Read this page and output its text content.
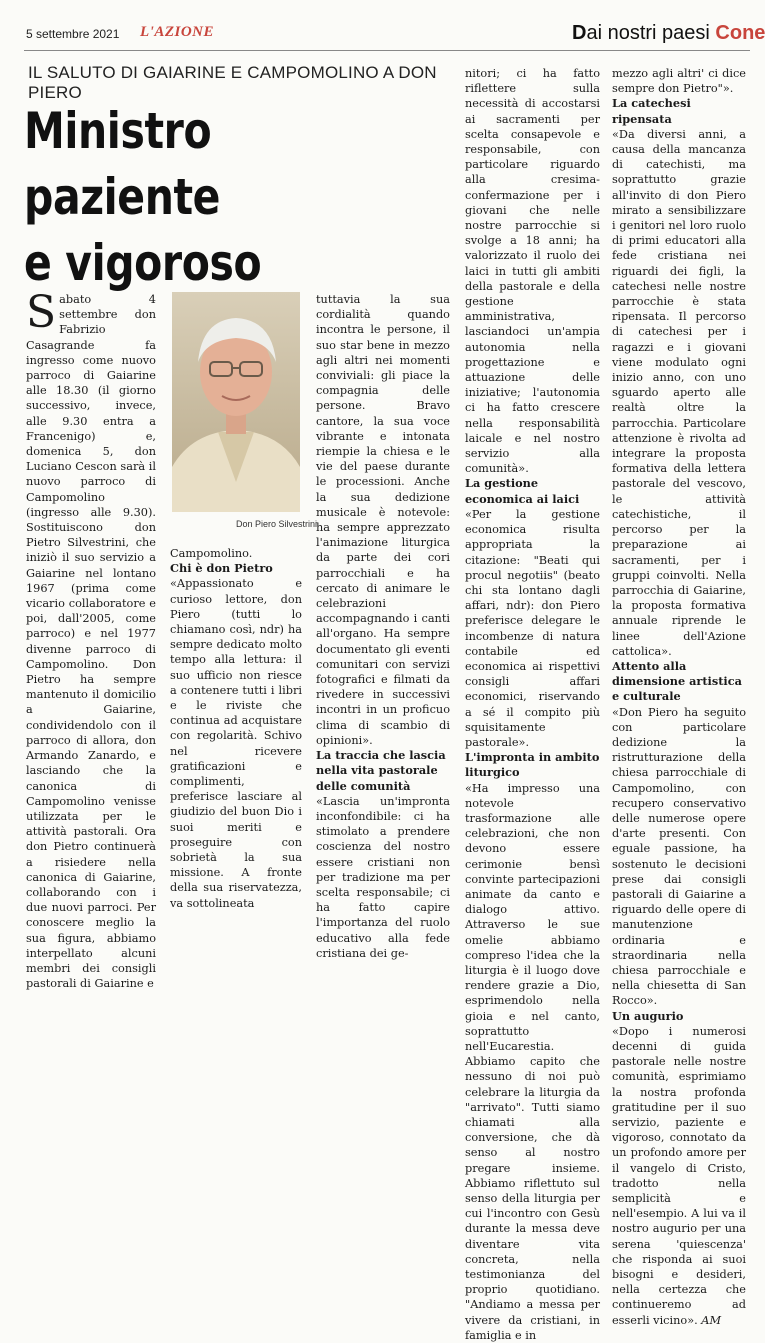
5 settembre 2021 L'AZIONE	Dai nostri paesi Cone
IL SALUTO DI GAIARINE E CAMPOMOLINO A DON PIERO
Ministro paziente
e vigoroso
Sabato 4 settembre don Fabrizio Casagrande fa ingresso come nuovo parroco di Gaiarine alle 18.30 (il giorno successivo, invece, alle 9.30 entra a Francenigo) e, domenica 5, don Luciano Cescon sarà il nuovo parroco di Campomolino (ingresso alle 9.30). Sostituiscono don Pietro Silvestrini, che iniziò il suo servizio a Gaiarine nel lontano 1967 (prima come vicario collaboratore e poi, dall'2005, come parroco) e nel 1977 divenne parroco di Campomolino. Don Pietro ha sempre mantenuto il domicilio a Gaiarine, condividendolo con il parroco di allora, don Armando Zanardo, e lasciando che la canonica di Campomolino venisse utilizzata per le attività pastorali. Ora don Pietro continuerà a risiedere nella canonica di Gaiarine, collaborando con i due nuovi parroci. Per conoscere meglio la sua figura, abbiamo interpellato alcuni membri dei consigli pastorali di Gaiarine e
Don Piero Silvestrini

Campomolino.

Chi è don Pietro

«Appassionato e curioso lettore, don Piero (tutti lo chiamano così, ndr) ha sempre dedicato molto tempo alla lettura: il suo ufficio non riesce a contenere tutti i libri e le riviste che continua ad acquistare con regolarità. Schivo nel ricevere gratificazioni e complimenti, preferisce lasciare al giudizio del buon Dio i suoi meriti e proseguire con sobrietà la sua missione. A fronte della sua riservatezza, va sottolineata

tuttavia la sua cordialità quando incontra le persone, il suo star bene in mezzo agli altri nei momenti conviviali: gli piace la compagnia delle persone. Bravo cantore, la sua voce vibrante e intonata riempie la chiesa e le vie del paese durante le processioni. Anche la sua dedizione musicale è notevole: ha sempre apprezzato l'animazione liturgica da parte dei cori parrocchiali e ha cercato di animare le celebrazioni accompagnando i canti all'organo. Ha sempre documentato gli eventi comunitari con servizi fotografici e filmati da rivedere in successivi incontri in un proficuo clima di scambio di opinioni».

La traccia che lascia nella vita pastorale delle comunità

«Lascia un'impronta inconfondibile: ci ha stimolato a prendere coscienza del nostro essere cristiani non per tradizione ma per scelta responsabile; ci ha fatto capire l'importanza del ruolo educativo alla fede cristiana dei ge-

nitori; ci ha fatto riflettere sulla necessità di accostarsi ai sacramenti per scelta consapevole e responsabile, con particolare riguardo alla cresima-confermazione per i giovani che nelle nostre parrocchie si svolge a 18 anni; ha valorizzato il ruolo dei laici in tutti gli ambiti della pastorale e della gestione amministrativa, lasciandoci un'ampia autonomia nella progettazione e attuazione delle iniziative; l'autonomia ci ha fatto crescere nella responsabilità laicale e nel nostro servizio alla comunità».

La gestione economica ai laici

«Per la gestione economica risulta appropriata la citazione: "Beati qui procul negotiis" (beato chi sta lontano dagli affari, ndr): don Piero preferisce delegare le incombenze di natura contabile ed economica ai rispettivi consigli affari economici, riservando a sé il compito più squisitamente pastorale».

L'impronta in ambito liturgico

«Ha impresso una notevole trasformazione alle celebrazioni, che non devono essere cerimonie bensì convinte partecipazioni animate da canto e dialogo attivo. Attraverso le sue omelie abbiamo compreso l'idea che la liturgia è il luogo dove rendere grazie a Dio, esprimendolo nella gioia e nel canto, soprattutto nell'Eucarestia. Abbiamo capito che nessuno di noi può celebrare la liturgia da "arrivato". Tutti siamo chiamati alla conversione, che dà senso al nostro pregare insieme. Abbiamo riflettuto sul senso della liturgia per cui l'incontro con Gesù durante la messa deve diventare vita concreta, nella testimonianza del proprio quotidiano. "Andiamo a messa per vivere da cristiani, in famiglia e in

mezzo agli altri' ci dice sempre don Pietro"».

La catechesi ripensata

«Da diversi anni, a causa della mancanza di catechisti, ma soprattutto grazie all'invito di don Piero mirato a sensibilizzare i genitori nel loro ruolo di primi educatori alla fede cristiana nei riguardi dei figli, la catechesi nelle nostre parrocchie è stata ripensata. Il percorso di catechesi per i ragazzi e i giovani viene modulato ogni inizio anno, con uno sguardo aperto alle realtà oltre la parrocchia. Particolare attenzione è rivolta ad integrare la proposta formativa della lettera pastorale del vescovo, le attività catechistiche, il percorso per la preparazione ai sacramenti, per i gruppi coinvolti. Nella parrocchia di Gaiarine, la proposta formativa annuale riprende le linee dell'Azione cattolica».

Attento alla dimensione artistica e culturale

«Don Piero ha seguito con particolare dedizione la ristrutturazione della chiesa parrocchiale di Campomolino, con recupero conservativo delle numerose opere d'arte presenti. Con eguale passione, ha sostenuto le decisioni prese dai consigli pastorali di Gaiarine a riguardo delle opere di manutenzione ordinaria e straordinaria nella chiesa parrocchiale e nella chiesetta di San Rocco».

Un augurio

«Dopo i numerosi decenni di guida pastorale nelle nostre comunità, esprimiamo la nostra profonda gratitudine per il suo servizio, paziente e vigoroso, connotato da un profondo amore per il vangelo di Cristo, tradotto nella semplicità e nell'esempio. A lui va il nostro augurio per una serena 'quiescenza' che risponda ai suoi bisogni e desideri, nella certezza che continueremo ad esserli vicino». AM
